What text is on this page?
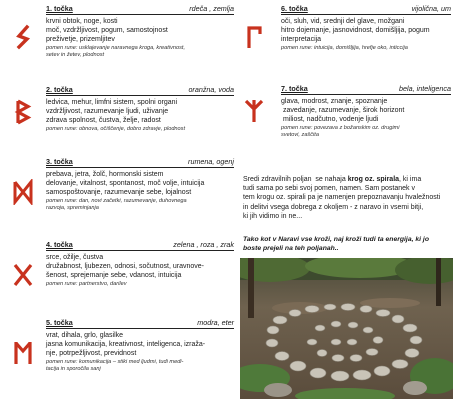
1. točka	rdeča , zemlja
krvni obtok, noge, kosti
moč, vzdržljivost, pogum, samostojnost
preživetje, prizemljitev
pomen rune: usklajevanje naravnega kroga, kreativnost,
setev in žetev, plodnost
2. točka	oranžna, voda
ledvica, mehur, limfni sistem, spolni organi
vzdržljivost, razumevanje ljudi, uživanje
zdrava spolnost, čustva, želje, radost
pomen rune: obnova, očiščenje, dobro zdravje, plodnost
3. točka	rumena, ogenj
prebava, jetra, žolč, hormonski sistem
delovanje, vitalnost, spontanost, moč volje, intuicija
samospoštovanje, razumevanje sebe, lojalnost
pomen rune: dan, novi začetki, razumevanje, duhovnega
razvoja, spreminjanja
4. točka	zelena , roza , zrak
srce, ožilje, čustva
družabnost, ljubezen, odnosi, sočutnost, uravnove-
šenost, sprejemanje sebe, vdanost, intuicija
pomen rune: partnerstvo, darilev
5. točka	modra, eter
vrat, dihala, grlo, glasilke
jasna komunikacija, kreativnost, inteligenca, izraža-
nje, potrpežljivost, previdnost
pomen rune: komunikacija – stiki med ljudmi, tudi medi-
tacija in sporočila sanj
6. točka	vijolična, um
oči, sluh, vid, srednji del glave, možgani
hitro dojemanje, jasnovidnost, domišljija, pogum
interpretacija
pomen rune: intuicija, domišljija, hrefje oko, inticcija
7. točka	bela, inteligenca
glava, modrost, znanje, spoznanje
zavedanje, razumevanje, širok horizont
miliost, nadčutno, vodenje ljudi
pomen rune: povezava z božanskim oz. drugimi
svetovi, zaščita
Sredi zdravilnih poljan  se nahaja krog oz. spirala, ki ima
tudi sama po sebi svoj pomen, namen. Sam postanek v
tem krogu oz. spirali pa je namenjen prepoznavanju hvaležnosti
in delitvi vsega dobrega z okoljem - z naravo in vsemi bitji,
ki jih vidimo in ne...
Tako kot v Naravi vse kroži, naj kroži tudi ta energija, ki jo
boste prejeli na teh poljanah..
